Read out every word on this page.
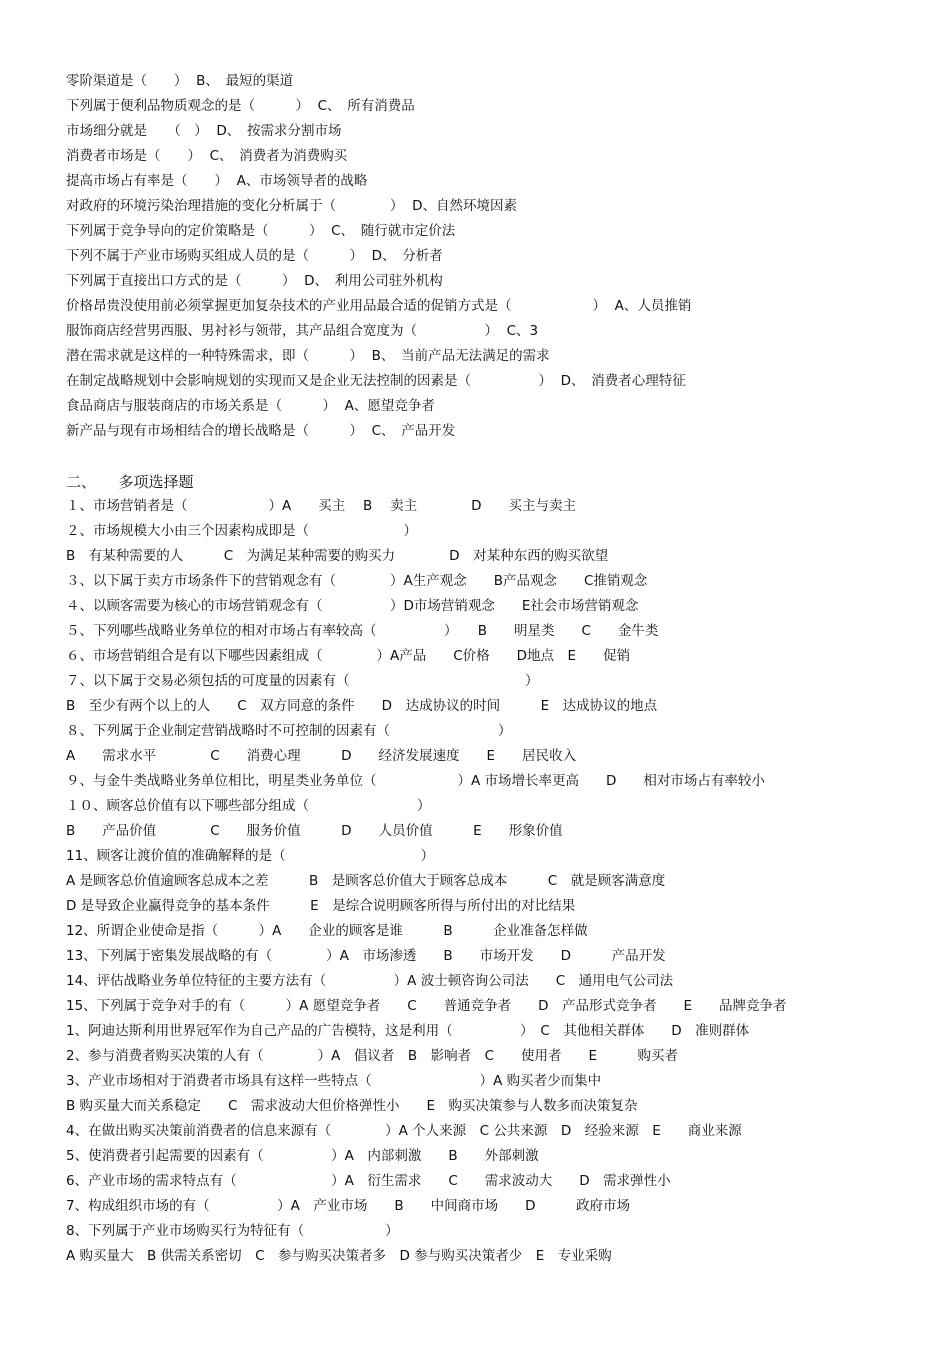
零阶渠道是（　　）  B、　最短的渠道
下列属于便利品物质观念的是（　　　）  C、　所有消费品
市场细分就是　　（　）  D、　按需求分割市场
消费者市场是（　　）  C、　消费者为消费购买
提高市场占有率是（　　）  A、市场领导者的战略
对政府的环境污染治理措施的变化分析属于（　　　　）  D、自然环境因素
下列属于竞争导向的定价策略是（　　　）  C、　随行就市定价法
下列不属于产业市场购买组成人员的是（　　　）  D、　分析者
下列属于直接出口方式的是（　　　）  D、　利用公司驻外机构
价格昂贵没使用前必须掌握更加复杂技术的产业用品最合适的促销方式是（　　　　　　）  A、人员推销
服饰商店经营男西服、男衬衫与领带，其产品组合宽度为（　　　　　）  C、3
潜在需求就是这样的一种特殊需求，即（　　　）  B、　当前产品无法满足的需求
在制定战略规划中会影响规划的实现而又是企业无法控制的因素是（　　　　　）  D、　消费者心理特征
食品商店与服装商店的市场关系是（　　　）  A、愿望竞争者
新产品与现有市场相结合的增长战略是（　　　）  C、　产品开发
二、　　多项选择题
１、市场营销者是（　　　　　　）A　　买主　 B　 卖主　　　　D　　买主与卖主
２、市场规模大小由三个因素构成即是（　　　　　　　）
B　有某种需要的人　　　C　为满足某种需要的购买力　　　　D　对某种东西的购买欲望
３、以下属于卖方市场条件下的营销观念有（　　　　）A生产观念　　B产品观念　　C推销观念
４、以顾客需要为核心的市场营销观念有（　　　　　）D市场营销观念　　E社会市场营销观念
５、下列哪些战略业务单位的相对市场占有率较高（　　　　　）　　B　　明星类　　C　　金牛类
６、市场营销组合是有以下哪些因素组成（　　　　）A产品　　C价格　　D地点　E　　促销
７、以下属于交易必须包括的可度量的因素有（　　　　　　　　　　　　　）
B　至少有两个以上的人　　C　双方同意的条件　　D　达成协议的时间　　　E　达成协议的地点
８、下列属于企业制定营销战略时不可控制的因素有（　　　　　　　　）
A　　需求水平　　　　C　　消费心理　　　D　　经济发展速度　　E　　居民收入
９、与金牛类战略业务单位相比，明星类业务单位（　　　　　　）A 市场增长率更高　　D　　相对市场占有率较小
１０、顾客总价值有以下哪些部分组成（　　　　　　　　）
B　　产品价值　　　　C　　服务价值　　　D　　人员价值　　　E　　形象价值
11、顾客让渡价值的准确解释的是（　　　　　　　　　　）
A 是顾客总价值逾顾客总成本之差　　　B　是顾客总价值大于顾客总成本　　　C　就是顾客满意度
D 是导致企业赢得竞争的基本条件　　　E　是综合说明顾客所得与所付出的对比结果
12、所谓企业使命是指（　　　）A　　企业的顾客是谁　　　B　　　企业准备怎样做
13、下列属于密集发展战略的有（　　　　）A　市场渗透　　B　　市场开发　　D　　　产品开发
14、评估战略业务单位特征的主要方法有（　　　　　）A 波士顿咨询公司法　　C　通用电气公司法
15、下列属于竞争对手的有（　　　）A 愿望竞争者　　C　　普通竞争者　　D　产品形式竞争者　　E　　品牌竞争者
1、阿迪达斯利用世界冠军作为自己产品的广告模特，这是利用（　　　　　）　C　其他相关群体　　D　准则群体
2、参与消费者购买决策的人有（　　　　）A　倡议者　B　影响者　C　　使用者　　E　　　购买者
3、产业市场相对于消费者市场具有这样一些特点（　　　　　　　　）A 购买者少而集中
B 购买量大而关系稳定　　C　需求波动大但价格弹性小　　E　购买决策参与人数多而决策复杂
4、在做出购买决策前消费者的信息来源有（　　　　）A 个人来源　C 公共来源　D　经验来源　E　　商业来源
5、使消费者引起需要的因素有（　　　　　）A　内部刺激　　B　　外部刺激
6、产业市场的需求特点有（　　　　　　　）A　衍生需求　　C　　需求波动大　　D　需求弹性小
7、构成组织市场的有（　　　　　）A　产业市场　　B　　中间商市场　　D　　　政府市场
8、下列属于产业市场购买行为特征有（　　　　　　）
A 购买量大　B 供需关系密切　C　参与购买决策者多　D 参与购买决策者少　E　专业采购
